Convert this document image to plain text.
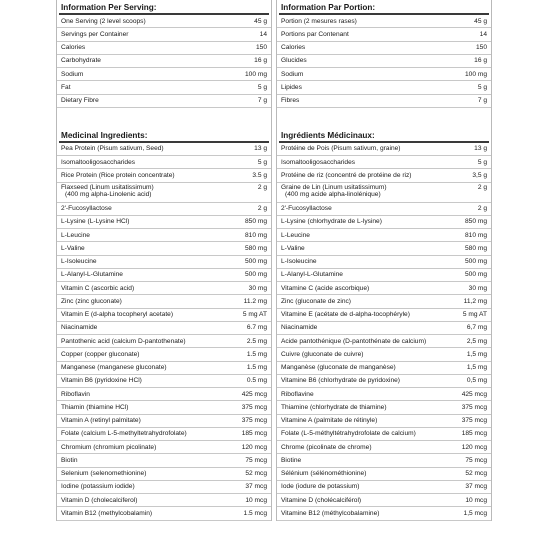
Information Per Serving:
One Serving (2 level scoops)	45 g
Servings per Container	14
Calories	150
Carbohydrate	16 g
Sodium	100 mg
Fat	5 g
Dietary Fibre	7 g
Medicinal Ingredients:
Pea Protein (Pisum sativum, Seed)	13 g
Isomaltooligosaccharides	5 g
Rice Protein (Rice protein concentrate)	3.5 g
Flaxseed (Linum usitatissimum)
(400 mg alpha-Linolenic acid)
2 g
2'-Fucosyllactose	2 g
L-Lysine (L-Lysine HCl)	850 mg
L-Leucine	810 mg
L-Valine	580 mg
L-Isoleucine	500 mg
L-Alanyl-L-Glutamine	500 mg
Vitamin C (ascorbic acid)	30 mg
Zinc (zinc gluconate)	11.2 mg
Vitamin E (d-alpha tocopheryl acetate)	5 mg AT
Niacinamide	6.7 mg
Pantothenic acid (calcium D-pantothenate)	2.5 mg
Copper (copper gluconate)	1.5 mg
Manganese (manganese gluconate)	1.5 mg
Vitamin B6 (pyridoxine HCl)	0.5 mg
Riboflavin	425 mcg
Thiamin (thiamine HCl)	375 mcg
Vitamin A (retinyl palmitate)	375 mcg
Folate (calcium L-5-methyltetrahydrofolate)	185 mcg
Chromium (chromium picolinate)	120 mcg
Biotin	75 mcg
Selenium (selenomethionine)	52 mcg
Iodine (potassium iodide)	37 mcg
Vitamin D (cholecalciferol)	10 mcg
Vitamin B12 (methylcobalamin)	1.5 mcg
Information Par Portion:
Portion (2 mesures rases)	45 g
Portions par Contenant	14
Calories	150
Glucides	16 g
Sodium	100 mg
Lipides	5 g
Fibres	7 g
Ingrédients Médicinaux:
Protéine de Pois (Pisum sativum, graine)	13 g
Isomaltooligosaccharides	5 g
Protéine de riz (concentré de protéine de riz)	3,5 g
Graine de Lin (Linum usitatissimum)
(400 mg acide alpha-linolénique)
2 g
2'-Fucosyllactose	2 g
L-Lysine (chlorhydrate de L-lysine)	850 mg
L-Leucine	810 mg
L-Valine	580 mg
L-Isoleucine	500 mg
L-Alanyl-L-Glutamine	500 mg
Vitamine C (acide ascorbique)	30 mg
Zinc (gluconate de zinc)	11,2 mg
Vitamine E (acétate de d-alpha-tocophéryle)	5 mg AT
Niacinamide	6,7 mg
Acide pantothénique (D-pantothénate de calcium)	2,5 mg
Cuivre (gluconate de cuivre)	1,5 mg
Manganèse (gluconate de manganèse)	1,5 mg
Vitamine B6 (chlorhydrate de pyridoxine)	0,5 mg
Riboflavine	425 mcg
Thiamine (chlorhydrate de thiamine)	375 mcg
Vitamine A (palmitate de rétinyle)	375 mcg
Folate (L-5-méthyltétrahydrofolate de calcium)	185 mcg
Chrome (picolinate de chrome)	120 mcg
Biotine	75 mcg
Sélénium (sélénométhionine)	52 mcg
Iode (iodure de potassium)	37 mcg
Vitamine D (cholécalciférol)	10 mcg
Vitamine B12 (méthylcobalamine)	1,5 mcg
